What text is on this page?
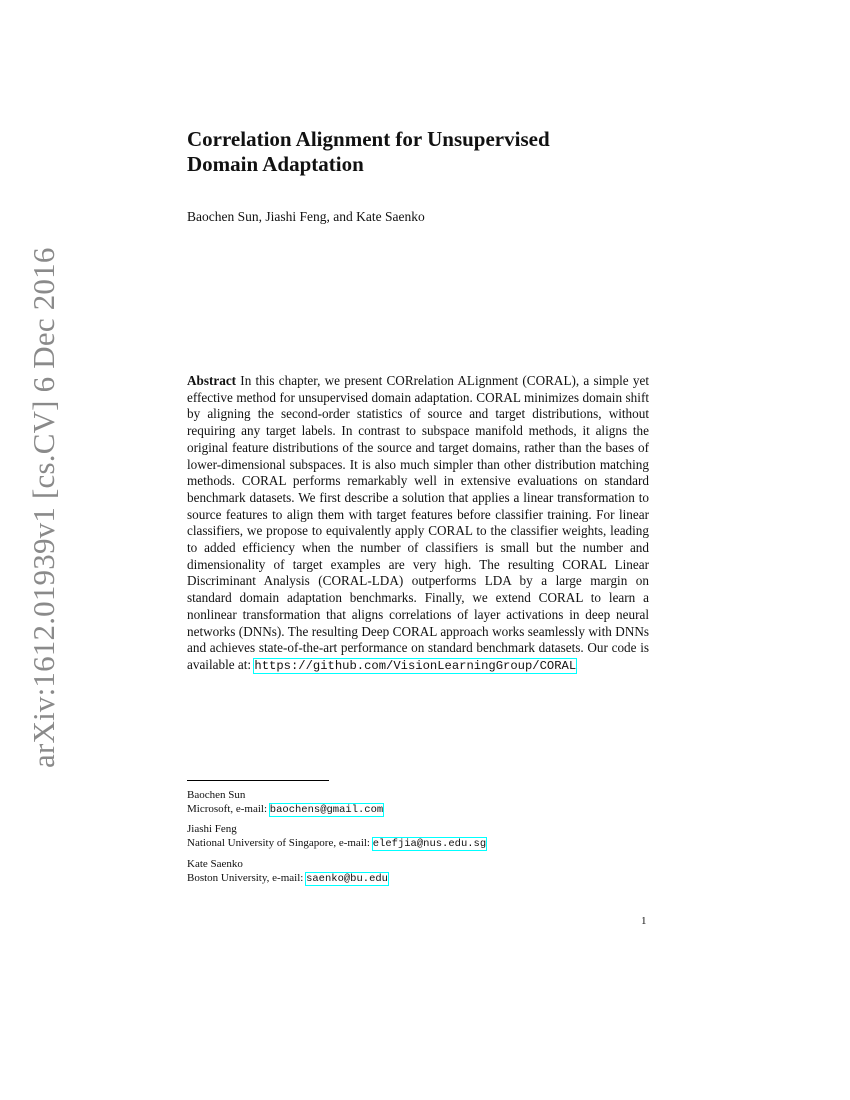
arXiv:1612.01939v1 [cs.CV] 6 Dec 2016
Correlation Alignment for Unsupervised
Domain Adaptation
Baochen Sun, Jiashi Feng, and Kate Saenko

Abstract In this chapter, we present CORrelation ALignment (CORAL), a simple yet effective method for unsupervised domain adaptation. CORAL minimizes domain shift by aligning the second-order statistics of source and target distributions, without requiring any target labels. In contrast to subspace manifold methods, it aligns the original feature distributions of the source and target domains, rather than the bases of lower-dimensional subspaces. It is also much simpler than other distribution matching methods. CORAL performs remarkably well in extensive evaluations on standard benchmark datasets. We first describe a solution that applies a linear transformation to source features to align them with target features before classifier training. For linear classifiers, we propose to equivalently apply CORAL to the classifier weights, leading to added efficiency when the number of classifiers is small but the number and dimensionality of target examples are very high. The resulting CORAL Linear Discriminant Analysis (CORAL-LDA) outperforms LDA by a large margin on standard domain adaptation benchmarks. Finally, we extend CORAL to learn a nonlinear transformation that aligns correlations of layer activations in deep neural networks (DNNs). The resulting Deep CORAL approach works seamlessly with DNNs and achieves state-of-the-art performance on standard benchmark datasets. Our code is available at: https://github.com/VisionLearningGroup/CORAL

Baochen Sun
Microsoft, e-mail: baochens@gmail.com
Jiashi Feng
National University of Singapore, e-mail: elefjia@nus.edu.sg
Kate Saenko
Boston University, e-mail: saenko@bu.edu
1
